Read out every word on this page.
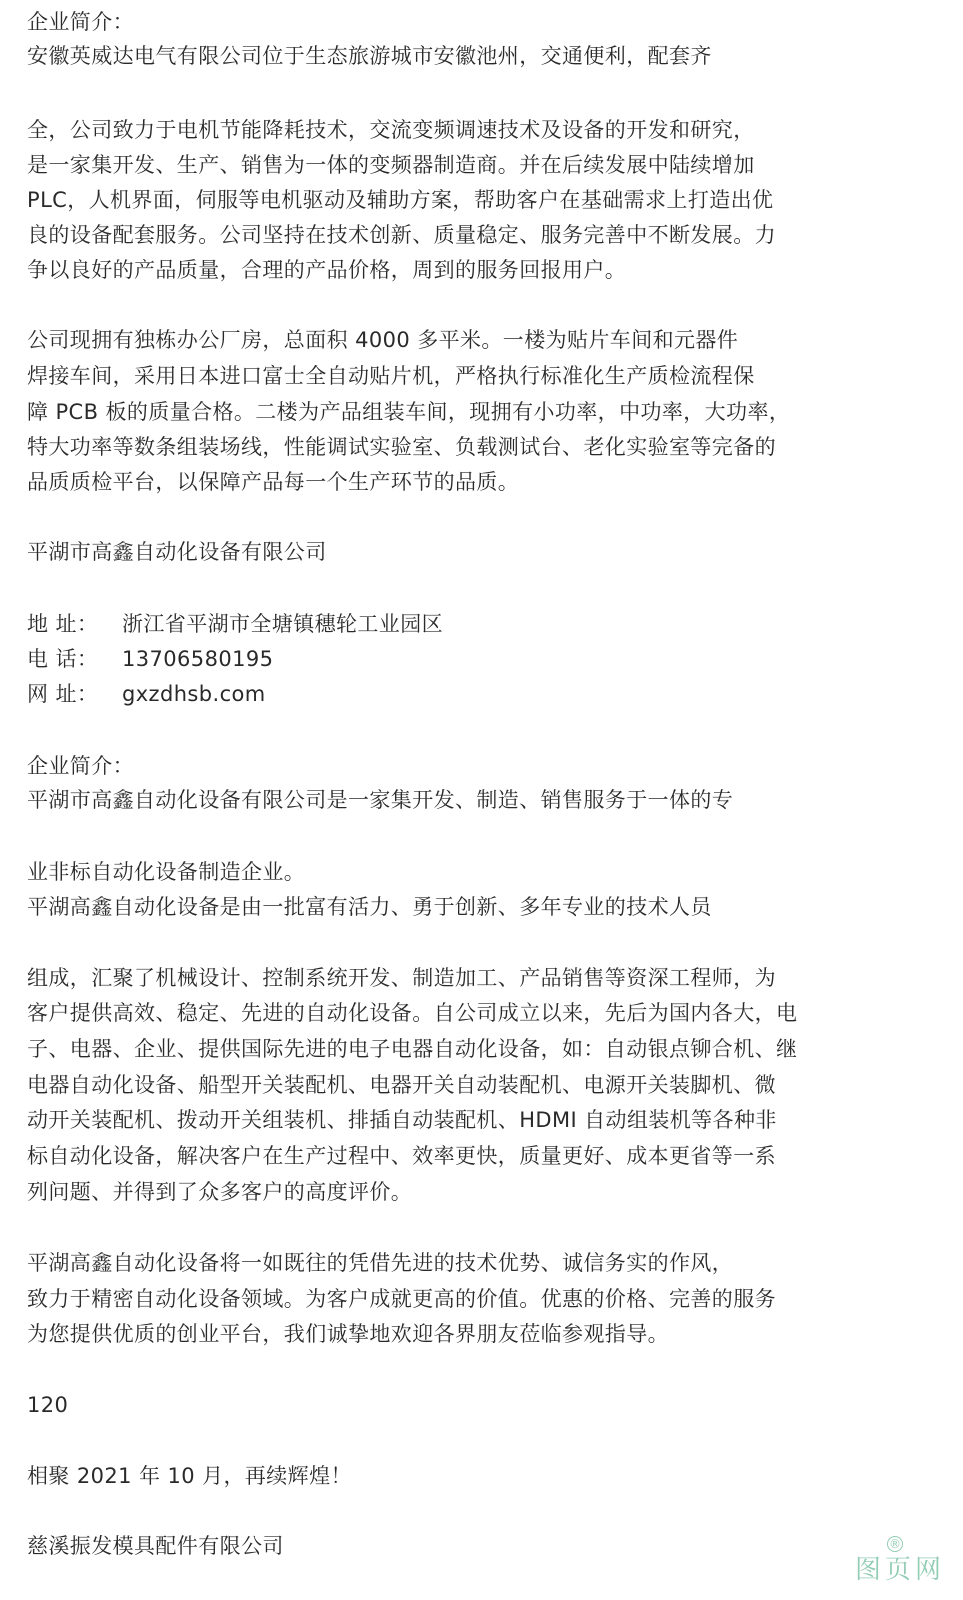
企业简介：
安徽英威达电气有限公司位于生态旅游城市安徽池州，交通便利，配套齐
全，公司致力于电机节能降耗技术，交流变频调速技术及设备的开发和研究，
是一家集开发、生产、销售为一体的变频器制造商。并在后续发展中陆续增加
PLC，人机界面，伺服等电机驱动及辅助方案，帮助客户在基础需求上打造出优
良的设备配套服务。公司坚持在技术创新、质量稳定、服务完善中不断发展。力
争以良好的产品质量，合理的产品价格，周到的服务回报用户。
公司现拥有独栋办公厂房，总面积 4000 多平米。一楼为贴片车间和元器件
焊接车间，采用日本进口富士全自动贴片机，严格执行标准化生产质检流程保
障 PCB 板的质量合格。二楼为产品组装车间，现拥有小功率，中功率，大功率，
特大功率等数条组装场线，性能调试实验室、负载测试台、老化实验室等完备的
品质质检平台，以保障产品每一个生产环节的品质。
平湖市高鑫自动化设备有限公司
地 址： 浙江省平湖市全塘镇穗轮工业园区
电 话： 13706580195
网 址： gxzdhsb.com
企业简介：
平湖市高鑫自动化设备有限公司是一家集开发、制造、销售服务于一体的专
业非标自动化设备制造企业。
平湖高鑫自动化设备是由一批富有活力、勇于创新、多年专业的技术人员
组成，汇聚了机械设计、控制系统开发、制造加工、产品销售等资深工程师，为
客户提供高效、稳定、先进的自动化设备。自公司成立以来，先后为国内各大，电
子、电器、企业、提供国际先进的电子电器自动化设备，如：自动银点铆合机、继
电器自动化设备、船型开关装配机、电器开关自动装配机、电源开关装脚机、微
动开关装配机、拨动开关组装机、排插自动装配机、HDMI 自动组装机等各种非
标自动化设备，解决客户在生产过程中、效率更快，质量更好、成本更省等一系
列问题、并得到了众多客户的高度评价。
平湖高鑫自动化设备将一如既往的凭借先进的技术优势、诚信务实的作风，
致力于精密自动化设备领域。为客户成就更高的价值。优惠的价格、完善的服务
为您提供优质的创业平台，我们诚挚地欢迎各界朋友莅临参观指导。
120
相聚 2021 年 10 月，再续辉煌！
慈溪振发模具配件有限公司	®
图页网
